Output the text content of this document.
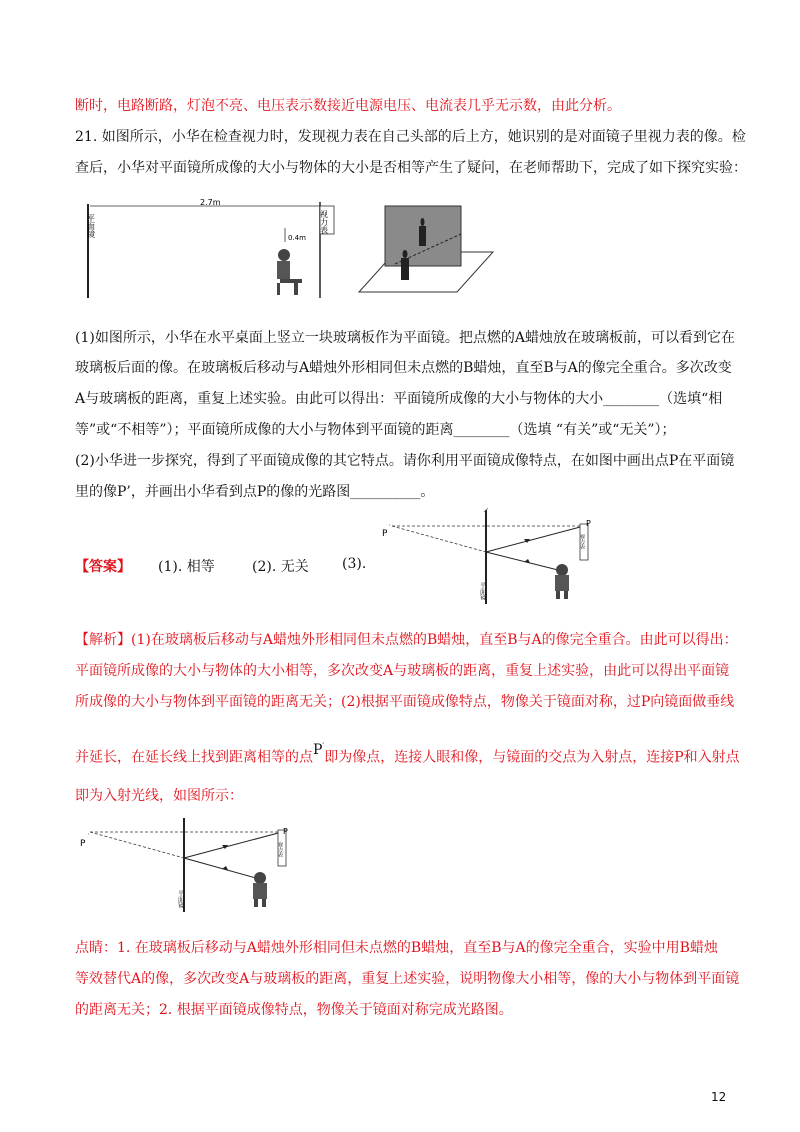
断时，电路断路，灯泡不亮、电压表示数接近电源电压、电流表几乎无示数，由此分析。
21. 如图所示，小华在检查视力时，发现视力表在自己头部的后上方，她识别的是对面镜子里视力表的像。检
查后，小华对平面镜所成像的大小与物体的大小是否相等产生了疑问，在老师帮助下，完成了如下探究实验：
平面镜
2.7m
视力表
0.4m
(1)如图所示，小华在水平桌面上竖立一块玻璃板作为平面镜。把点燃的A蜡烛放在玻璃板前，可以看到它在
玻璃板后面的像。在玻璃板后移动与A蜡烛外形相同但未点燃的B蜡烛，直至B与A的像完全重合。多次改变
A与玻璃板的距离，重复上述实验。由此可以得出：平面镜所成像的大小与物体的大小________（选填“相
等”或“不相等”）；平面镜所成像的大小与物体到平面镜的距离________（选填 “有关”或“无关”）；
(2)小华进一步探究，得到了平面镜成像的其它特点。请你利用平面镜成像特点，在如图中画出点P在平面镜
里的像P’，并画出小华看到点P的像的光路图__________。
【答案】 (1). 相等	(2). 无关 (3).
平面镜
P
′	P
视力表
【解析】(1)在玻璃板后移动与A蜡烛外形相同但未点燃的B蜡烛，直至B与A的像完全重合。由此可以得出：
平面镜所成像的大小与物体的大小相等，多次改变A与玻璃板的距离，重复上述实验，由此可以得出平面镜
所成像的大小与物体到平面镜的距离无关；(2)根据平面镜成像特点，物像关于镜面对称，过P向镜面做垂线
并延长，在延长线上找到距离相等的点P′即为像点，连接人眼和像，与镜面的交点为入射点，连接P和入射点
即为入射光线，如图所示：
平面镜
P
′
P
视力表
点睛：1. 在玻璃板后移动与A蜡烛外形相同但未点燃的B蜡烛，直至B与A的像完全重合，实验中用B蜡烛
等效替代A的像，多次改变A与玻璃板的距离，重复上述实验，说明物像大小相等，像的大小与物体到平面镜
的距离无关；2. 根据平面镜成像特点，物像关于镜面对称完成光路图。
12
